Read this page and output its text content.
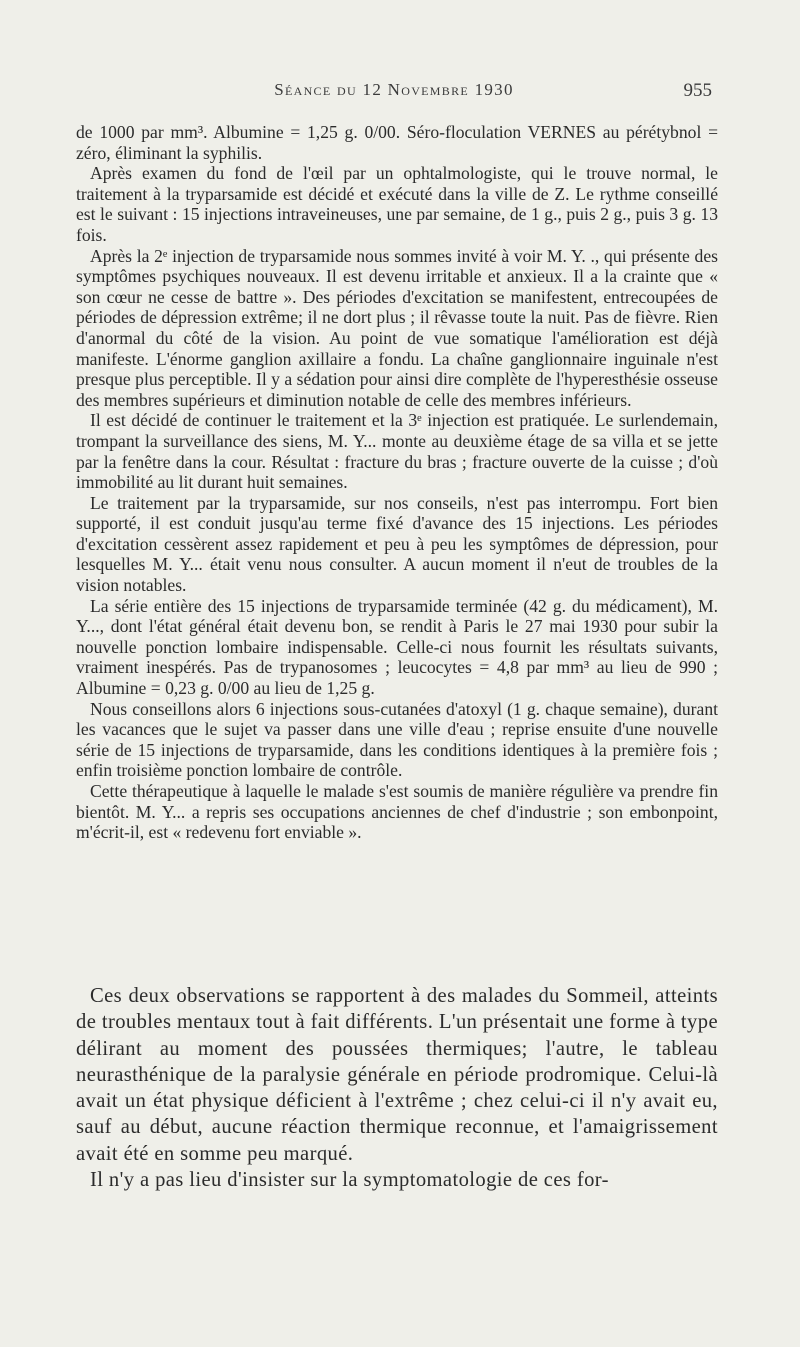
Séance du 12 Novembre 1930	955

de 1000 par mm³. Albumine = 1,25 g. 0/00. Séro-floculation VERNES au pérétybnol = zéro, éliminant la syphilis.

Après examen du fond de l'œil par un ophtalmologiste, qui le trouve normal, le traitement à la tryparsamide est décidé et exécuté dans la ville de Z. Le rythme conseillé est le suivant : 15 injections intraveineuses, une par semaine, de 1 g., puis 2 g., puis 3 g. 13 fois.

Après la 2ᵉ injection de tryparsamide nous sommes invité à voir M. Y. ., qui présente des symptômes psychiques nouveaux. Il est devenu irritable et anxieux. Il a la crainte que « son cœur ne cesse de battre ». Des périodes d'excitation se manifestent, entrecoupées de périodes de dépression extrême; il ne dort plus ; il rêvasse toute la nuit. Pas de fièvre. Rien d'anormal du côté de la vision. Au point de vue somatique l'amélioration est déjà manifeste. L'énorme ganglion axillaire a fondu. La chaîne ganglionnaire inguinale n'est presque plus perceptible. Il y a sédation pour ainsi dire complète de l'hyperesthésie osseuse des membres supérieurs et diminution notable de celle des membres inférieurs.

Il est décidé de continuer le traitement et la 3ᵉ injection est pratiquée. Le surlendemain, trompant la surveillance des siens, M. Y... monte au deuxième étage de sa villa et se jette par la fenêtre dans la cour. Résultat : fracture du bras ; fracture ouverte de la cuisse ; d'où immobilité au lit durant huit semaines.

Le traitement par la tryparsamide, sur nos conseils, n'est pas interrompu. Fort bien supporté, il est conduit jusqu'au terme fixé d'avance des 15 injections. Les périodes d'excitation cessèrent assez rapidement et peu à peu les symptômes de dépression, pour lesquelles M. Y... était venu nous consulter. A aucun moment il n'eut de troubles de la vision notables.

La série entière des 15 injections de tryparsamide terminée (42 g. du médicament), M. Y..., dont l'état général était devenu bon, se rendit à Paris le 27 mai 1930 pour subir la nouvelle ponction lombaire indispensable. Celle-ci nous fournit les résultats suivants, vraiment inespérés. Pas de trypanosomes ; leucocytes = 4,8 par mm³ au lieu de 990 ; Albumine = 0,23 g. 0/00 au lieu de 1,25 g.

Nous conseillons alors 6 injections sous-cutanées d'atoxyl (1 g. chaque semaine), durant les vacances que le sujet va passer dans une ville d'eau ; reprise ensuite d'une nouvelle série de 15 injections de tryparsamide, dans les conditions identiques à la première fois ; enfin troisième ponction lombaire de contrôle.

Cette thérapeutique à laquelle le malade s'est soumis de manière régulière va prendre fin bientôt. M. Y... a repris ses occupations anciennes de chef d'industrie ; son embonpoint, m'écrit-il, est « redevenu fort enviable ».

Ces deux observations se rapportent à des malades du Sommeil, atteints de troubles mentaux tout à fait différents. L'un présentait une forme à type délirant au moment des poussées thermiques; l'autre, le tableau neurasthénique de la paralysie générale en période prodromique. Celui-là avait un état physique déficient à l'extrême ; chez celui-ci il n'y avait eu, sauf au début, aucune réaction thermique reconnue, et l'amaigrissement avait été en somme peu marqué.

Il n'y a pas lieu d'insister sur la symptomatologie de ces for-
